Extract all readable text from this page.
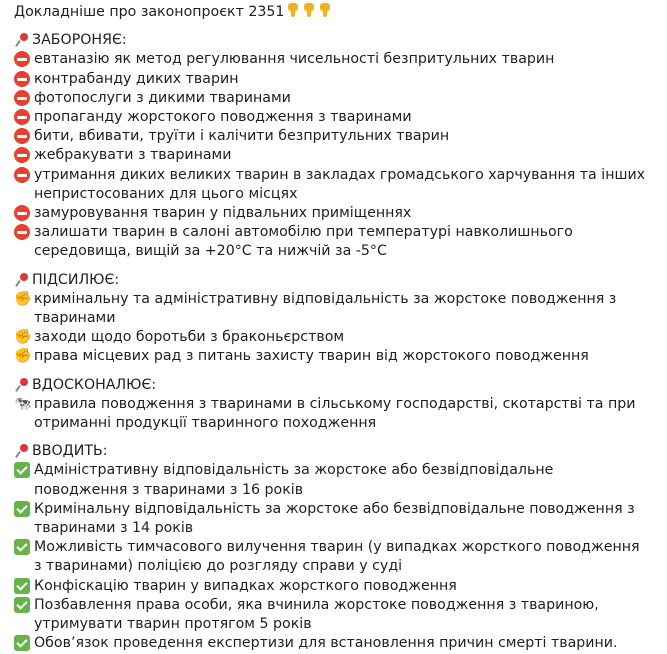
Докладніше про законопроєкт 2351
ЗАБОРОНЯЄ:
евтаназію як метод регулювання чисельності безпритульних тварин
контрабанду диких тварин
фотопослуги з дикими тваринами
пропаганду жорстокого поводження з тваринами
бити, вбивати, труїти і калічити безпритульних тварин
жебракувати з тваринами
утримання диких великих тварин в закладах громадського харчування та інших непристосованих для цього місцях
замуровування тварин у підвальних приміщеннях
залишати тварин в салоні автомобілю при температурі навколишнього середовища, вищій за +20°С та нижчій за -5°С
ПІДСИЛЮЄ:
✊ кримінальну та адміністративну відповідальність за жорстоке поводження з тваринами
✊ заходи щодо боротьби з браконьєрством
✊ права місцевих рад з питань захисту тварин від жорстокого поводження
ВДОСКОНАЛЮЄ:
🐄 правила поводження з тваринами в сільському господарстві, скотарстві та при отриманні продукції тваринного походження
ВВОДИТЬ:
Адміністративну відповідальність за жорстоке або безвідповідальне поводження з тваринами з 16 років
Кримінальну відповідальність за жорстоке або безвідповідальне поводження з тваринами з 14 років
Можливість тимчасового вилучення тварин (у випадках жорсткого поводження з тваринами) поліцією до розгляду справи у суді
Конфіскацію тварин у випадках жорсткого поводження
Позбавлення права особи, яка вчинила жорстоке поводження з твариною, утримувати тварин протягом 5 років
Обов’язок проведення експертизи для встановлення причин смерті тварини.
